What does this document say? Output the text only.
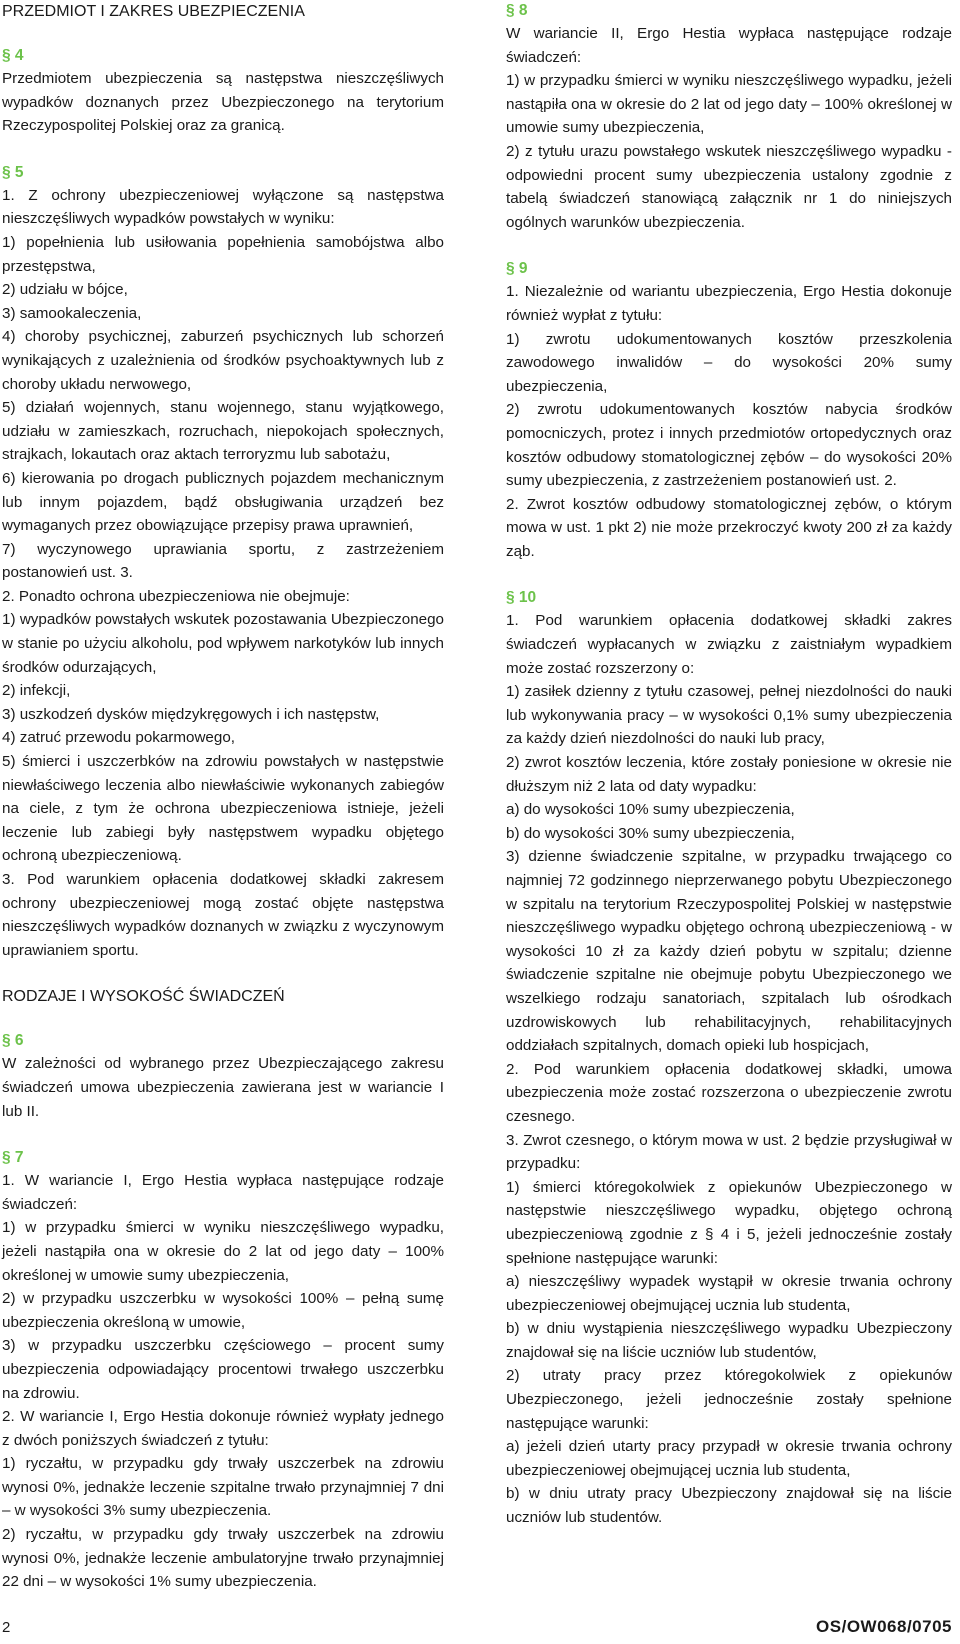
PRZEDMIOT I ZAKRES UBEZPIECZENIA
§ 4

Przedmiotem ubezpieczenia są następstwa nieszczęśliwych wypadków doznanych przez Ubezpieczonego na terytorium Rzeczypospolitej Polskiej oraz za granicą.

§ 5

1. Z ochrony ubezpieczeniowej wyłączone są następstwa nieszczęśliwych wypadków powstałych w wyniku:

1) popełnienia lub usiłowania popełnienia samobójstwa albo przestępstwa,

2) udziału w bójce,

3) samookaleczenia,

4) choroby psychicznej, zaburzeń psychicznych lub schorzeń wynikających z uzależnienia od środków psychoaktywnych lub z choroby układu nerwowego,

5) działań wojennych, stanu wojennego, stanu wyjątkowego, udziału w zamieszkach, rozruchach, niepokojach społecznych, strajkach, lokautach oraz aktach terroryzmu lub sabotażu,

6) kierowania po drogach publicznych pojazdem mechanicznym lub innym pojazdem, bądź obsługiwania urządzeń bez wymaganych przez obowiązujące przepisy prawa uprawnień,

7) wyczynowego uprawiania sportu, z zastrzeżeniem postanowień ust. 3.

2. Ponadto ochrona ubezpieczeniowa nie obejmuje:

1) wypadków powstałych wskutek pozostawania Ubezpieczonego w stanie po użyciu alkoholu, pod wpływem narkotyków lub innych środków odurzających,

2) infekcji,

3) uszkodzeń dysków międzykręgowych i ich następstw,

4) zatruć przewodu pokarmowego,

5) śmierci i uszczerbków na zdrowiu powstałych w następstwie niewłaściwego leczenia albo niewłaściwie wykonanych zabiegów na ciele, z tym że ochrona ubezpieczeniowa istnieje, jeżeli leczenie lub zabiegi były następstwem wypadku objętego ochroną ubezpieczeniową.

3. Pod warunkiem opłacenia dodatkowej składki zakresem ochrony ubezpieczeniowej mogą zostać objęte następstwa nieszczęśliwych wypadków doznanych w związku z wyczynowym uprawianiem sportu.

RODZAJE I WYSOKOŚĆ ŚWIADCZEŃ
§ 6

W zależności od wybranego przez Ubezpieczającego zakresu świadczeń umowa ubezpieczenia zawierana jest w wariancie I lub II.

§ 7

1. W wariancie I, Ergo Hestia wypłaca następujące rodzaje świadczeń:

1) w przypadku śmierci w wyniku nieszczęśliwego wypadku, jeżeli nastąpiła ona w okresie do 2 lat od jego daty – 100% określonej w umowie sumy ubezpieczenia,

2) w przypadku uszczerbku w wysokości 100% – pełną sumę ubezpieczenia określoną w umowie,

3) w przypadku uszczerbku częściowego – procent sumy ubezpieczenia odpowiadający procentowi trwałego uszczerbku na zdrowiu.

2. W wariancie I, Ergo Hestia dokonuje również wypłaty jednego z dwóch poniższych świadczeń z tytułu:

1) ryczałtu, w przypadku gdy trwały uszczerbek na zdrowiu wynosi 0%, jednakże leczenie szpitalne trwało przynajmniej 7 dni – w wysokości 3% sumy ubezpieczenia.

2) ryczałtu, w przypadku gdy trwały uszczerbek na zdrowiu wynosi 0%, jednakże leczenie ambulatoryjne trwało przynajmniej 22 dni – w wysokości 1% sumy ubezpieczenia.

§ 8

W wariancie II, Ergo Hestia wypłaca następujące rodzaje świadczeń:

1) w przypadku śmierci w wyniku nieszczęśliwego wypadku, jeżeli nastąpiła ona w okresie do 2 lat od jego daty – 100% określonej w umowie sumy ubezpieczenia,

2) z tytułu urazu powstałego wskutek nieszczęśliwego wypadku - odpowiedni procent sumy ubezpieczenia ustalony zgodnie z tabelą świadczeń stanowiącą załącznik nr 1 do niniejszych ogólnych warunków ubezpieczenia.

§ 9

1. Niezależnie od wariantu ubezpieczenia, Ergo Hestia dokonuje również wypłat z tytułu:

1) zwrotu udokumentowanych kosztów przeszkolenia zawodowego inwalidów – do wysokości 20% sumy ubezpieczenia,

2) zwrotu udokumentowanych kosztów nabycia środków pomocniczych, protez i innych przedmiotów ortopedycznych oraz kosztów odbudowy stomatologicznej zębów – do wysokości 20% sumy ubezpieczenia, z zastrzeżeniem postanowień ust. 2.

2. Zwrot kosztów odbudowy stomatologicznej zębów, o którym mowa w ust. 1 pkt 2) nie może przekroczyć kwoty 200 zł za każdy ząb.

§ 10

1. Pod warunkiem opłacenia dodatkowej składki zakres świadczeń wypłacanych w związku z zaistniałym wypadkiem może zostać rozszerzony o:

1) zasiłek dzienny z tytułu czasowej, pełnej niezdolności do nauki lub wykonywania pracy – w wysokości 0,1% sumy ubezpieczenia za każdy dzień niezdolności do nauki lub pracy,

2) zwrot kosztów leczenia, które zostały poniesione w okresie nie dłuższym niż 2 lata od daty wypadku:

a) do wysokości 10% sumy ubezpieczenia,

b) do wysokości 30% sumy ubezpieczenia,

3) dzienne świadczenie szpitalne, w przypadku trwającego co najmniej 72 godzinnego nieprzerwanego pobytu Ubezpieczonego w szpitalu na terytorium Rzeczypospolitej Polskiej w następstwie nieszczęśliwego wypadku objętego ochroną ubezpieczeniową - w wysokości 10 zł za każdy dzień pobytu w szpitalu; dzienne świadczenie szpitalne nie obejmuje pobytu Ubezpieczonego we wszelkiego rodzaju sanatoriach, szpitalach lub ośrodkach uzdrowiskowych lub rehabilitacyjnych, rehabilitacyjnych oddziałach szpitalnych, domach opieki lub hospicjach,

2. Pod warunkiem opłacenia dodatkowej składki, umowa ubezpieczenia może zostać rozszerzona o ubezpieczenie zwrotu czesnego.

3. Zwrot czesnego, o którym mowa w ust. 2 będzie przysługiwał w przypadku:

1) śmierci któregokolwiek z opiekunów Ubezpieczonego w następstwie nieszczęśliwego wypadku, objętego ochroną ubezpieczeniową zgodnie z § 4 i 5, jeżeli jednocześnie zostały spełnione następujące warunki:

a) nieszczęśliwy wypadek wystąpił w okresie trwania ochrony ubezpieczeniowej obejmującej ucznia lub studenta,

b) w dniu wystąpienia nieszczęśliwego wypadku Ubezpieczony znajdował się na liście uczniów lub studentów,

2) utraty pracy przez któregokolwiek z opiekunów Ubezpieczonego, jeżeli jednocześnie zostały spełnione następujące warunki:

a) jeżeli dzień utarty pracy przypadł w okresie trwania ochrony ubezpieczeniowej obejmującej ucznia lub studenta,

b) w dniu utraty pracy Ubezpieczony znajdował się na liście uczniów lub studentów.

2	OS/OW068/0705
